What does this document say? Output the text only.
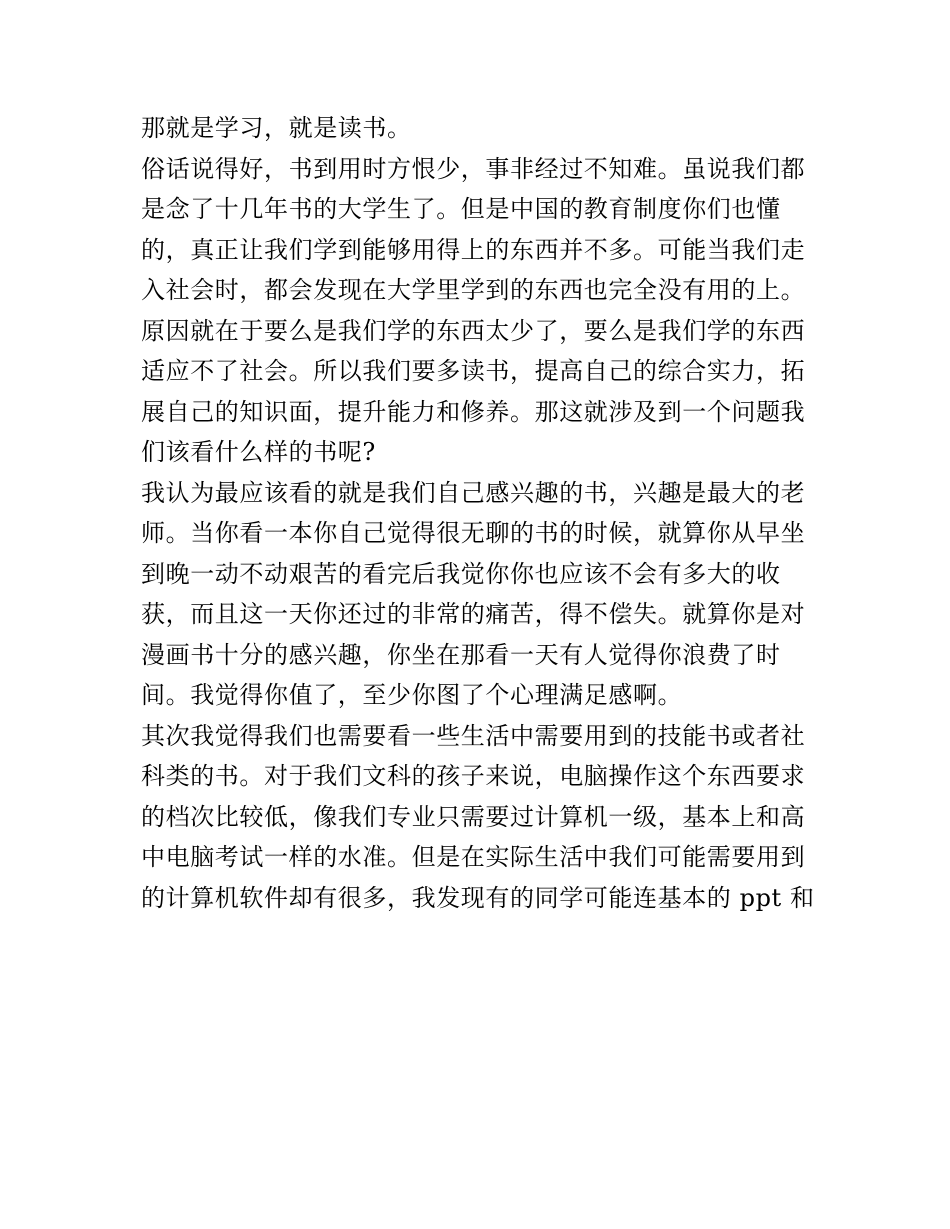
那就是学习，就是读书。
俗话说得好，书到用时方恨少，事非经过不知难。虽说我们都
是念了十几年书的大学生了。但是中国的教育制度你们也懂
的，真正让我们学到能够用得上的东西并不多。可能当我们走
入社会时，都会发现在大学里学到的东西也完全没有用的上。
原因就在于要么是我们学的东西太少了，要么是我们学的东西
适应不了社会。所以我们要多读书，提高自己的综合实力，拓
展自己的知识面，提升能力和修养。那这就涉及到一个问题我
们该看什么样的书呢?
我认为最应该看的就是我们自己感兴趣的书，兴趣是最大的老
师。当你看一本你自己觉得很无聊的书的时候，就算你从早坐
到晚一动不动艰苦的看完后我觉你你也应该不会有多大的收
获，而且这一天你还过的非常的痛苦，得不偿失。就算你是对
漫画书十分的感兴趣，你坐在那看一天有人觉得你浪费了时
间。我觉得你值了，至少你图了个心理满足感啊。
其次我觉得我们也需要看一些生活中需要用到的技能书或者社
科类的书。对于我们文科的孩子来说，电脑操作这个东西要求
的档次比较低，像我们专业只需要过计算机一级，基本上和高
中电脑考试一样的水准。但是在实际生活中我们可能需要用到
的计算机软件却有很多，我发现有的同学可能连基本的 ppt 和
